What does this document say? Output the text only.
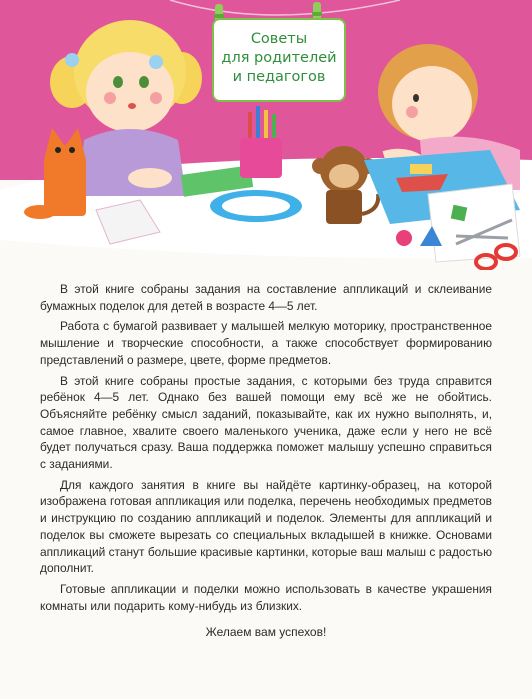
Советы
для родителей
и педагогов

В этой книге собраны задания на составление аппликаций и склеивание бумажных поделок для детей в возрасте 4—5 лет.

Работа с бумагой развивает у малышей мелкую моторику, пространственное мышление и творческие способности, а также способствует формированию представлений о размере, цвете, форме предметов.

В этой книге собраны простые задания, с которыми без труда справится ребёнок 4—5 лет. Однако без вашей помощи ему всё же не обойтись. Объясняйте ребёнку смысл заданий, показывайте, как их нужно выполнять, и, самое главное, хвалите своего маленького ученика, даже если у него не всё будет получаться сразу. Ваша поддержка поможет малышу успешно справиться с заданиями.

Для каждого занятия в книге вы найдёте картинку-образец, на которой изображена готовая аппликация или поделка, перечень необходимых предметов и инструкцию по созданию аппликаций и поделок. Элементы для аппликаций и поделок вы сможете вырезать со специальных вкладышей в книжке. Основами аппликаций станут большие красивые картинки, которые ваш малыш с радостью дополнит.

Готовые аппликации и поделки можно использовать в качестве украшения комнаты или подарить кому-нибудь из близких.

Желаем вам успехов!
